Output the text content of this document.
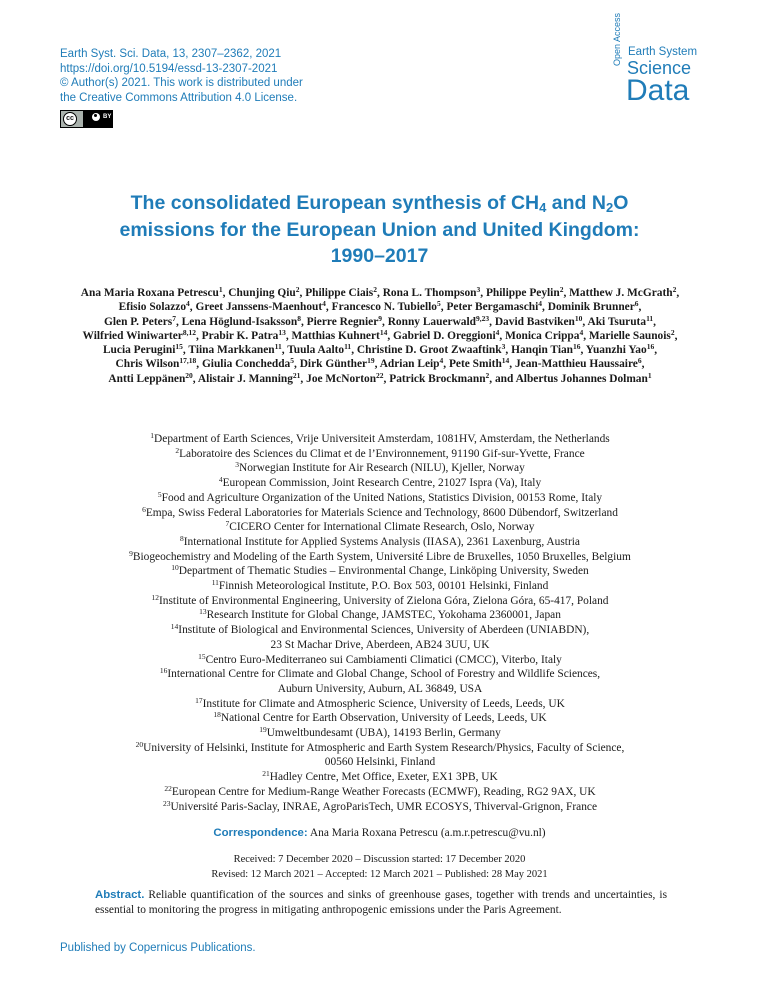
Earth Syst. Sci. Data, 13, 2307–2362, 2021
https://doi.org/10.5194/essd-13-2307-2021
© Author(s) 2021. This work is distributed under
the Creative Commons Attribution 4.0 License.
cc	BY
Open Access Earth System
Science
Data
The consolidated European synthesis of $CH_4$ and $N_2O$
emissions for the European Union and United Kingdom:
1990–2017
Ana Maria Roxana Petrescu$^1$, Chunjing Qiu$^2$, Philippe Ciais$^2$, Rona L. Thompson$^3$, Philippe Peylin$^2$, Matthew J. McGrath$^2$, Efisio Solazzo$^4$, Greet Janssens-Maenhout$^4$, Francesco N. Tubiello$^5$, Peter Bergamaschi$^4$, Dominik Brunner$^6$, Glen P. Peters$^7$, Lena Höglund-Isaksson$^8$, Pierre Regnier$^9$, Ronny Lauerwald$^{9,23}$, David Bastviken$^{10}$, Aki Tsuruta$^{11}$, Wilfried Winiwarter$^{8,12}$, Prabir K. Patra$^{13}$, Matthias Kuhnert$^{14}$, Gabriel D. Oreggioni$^4$, Monica Crippa$^4$, Marielle Saunois$^2$, Lucia Perugini$^{15}$, Tiina Markkanen$^{11}$, Tuula Aalto$^{11}$, Christine D. Groot Zwaaftink$^3$, Hanqin Tian$^{16}$, Yuanzhi Yao$^{16}$, Chris Wilson$^{17,18}$, Giulia Conchedda$^5$, Dirk Günther$^{19}$, Adrian Leip$^4$, Pete Smith$^{14}$, Jean-Matthieu Haussaire$^6$, Antti Leppänen$^{20}$, Alistair J. Manning$^{21}$, Joe McNorton$^{22}$, Patrick Brockmann$^2$, and Albertus Johannes Dolman$^1$
$^1$Department of Earth Sciences, Vrije Universiteit Amsterdam, 1081HV, Amsterdam, the Netherlands
$^2$Laboratoire des Sciences du Climat et de l’Environnement, 91190 Gif-sur-Yvette, France
$^3$Norwegian Institute for Air Research (NILU), Kjeller, Norway
$^4$European Commission, Joint Research Centre, 21027 Ispra (Va), Italy
$^5$Food and Agriculture Organization of the United Nations, Statistics Division, 00153 Rome, Italy
$^6$Empa, Swiss Federal Laboratories for Materials Science and Technology, 8600 Dübendorf, Switzerland
$^7$CICERO Center for International Climate Research, Oslo, Norway
$^8$International Institute for Applied Systems Analysis (IIASA), 2361 Laxenburg, Austria
$^9$Biogeochemistry and Modeling of the Earth System, Université Libre de Bruxelles, 1050 Bruxelles, Belgium
$^{10}$Department of Thematic Studies – Environmental Change, Linköping University, Sweden
$^{11}$Finnish Meteorological Institute, P.O. Box 503, 00101 Helsinki, Finland
$^{12}$Institute of Environmental Engineering, University of Zielona Góra, Zielona Góra, 65-417, Poland
$^{13}$Research Institute for Global Change, JAMSTEC, Yokohama 2360001, Japan
$^{14}$Institute of Biological and Environmental Sciences, University of Aberdeen (UNIABDN),
23 St Machar Drive, Aberdeen, AB24 3UU, UK
$^{15}$Centro Euro-Mediterraneo sui Cambiamenti Climatici (CMCC), Viterbo, Italy
$^{16}$International Centre for Climate and Global Change, School of Forestry and Wildlife Sciences,
Auburn University, Auburn, AL 36849, USA
$^{17}$Institute for Climate and Atmospheric Science, University of Leeds, Leeds, UK
$^{18}$National Centre for Earth Observation, University of Leeds, Leeds, UK
$^{19}$Umweltbundesamt (UBA), 14193 Berlin, Germany
$^{20}$University of Helsinki, Institute for Atmospheric and Earth System Research/Physics, Faculty of Science,
00560 Helsinki, Finland
$^{21}$Hadley Centre, Met Office, Exeter, EX1 3PB, UK
$^{22}$European Centre for Medium-Range Weather Forecasts (ECMWF), Reading, RG2 9AX, UK
$^{23}$Université Paris-Saclay, INRAE, AgroParisTech, UMR ECOSYS, Thiverval-Grignon, France
Correspondence: Ana Maria Roxana Petrescu (a.m.r.petrescu@vu.nl)
Received: 7 December 2020 – Discussion started: 17 December 2020
Revised: 12 March 2021 – Accepted: 12 March 2021 – Published: 28 May 2021
Abstract. Reliable quantification of the sources and sinks of greenhouse gases, together with trends and uncertainties, is essential to monitoring the progress in mitigating anthropogenic emissions under the Paris Agreement.
Published by Copernicus Publications.
